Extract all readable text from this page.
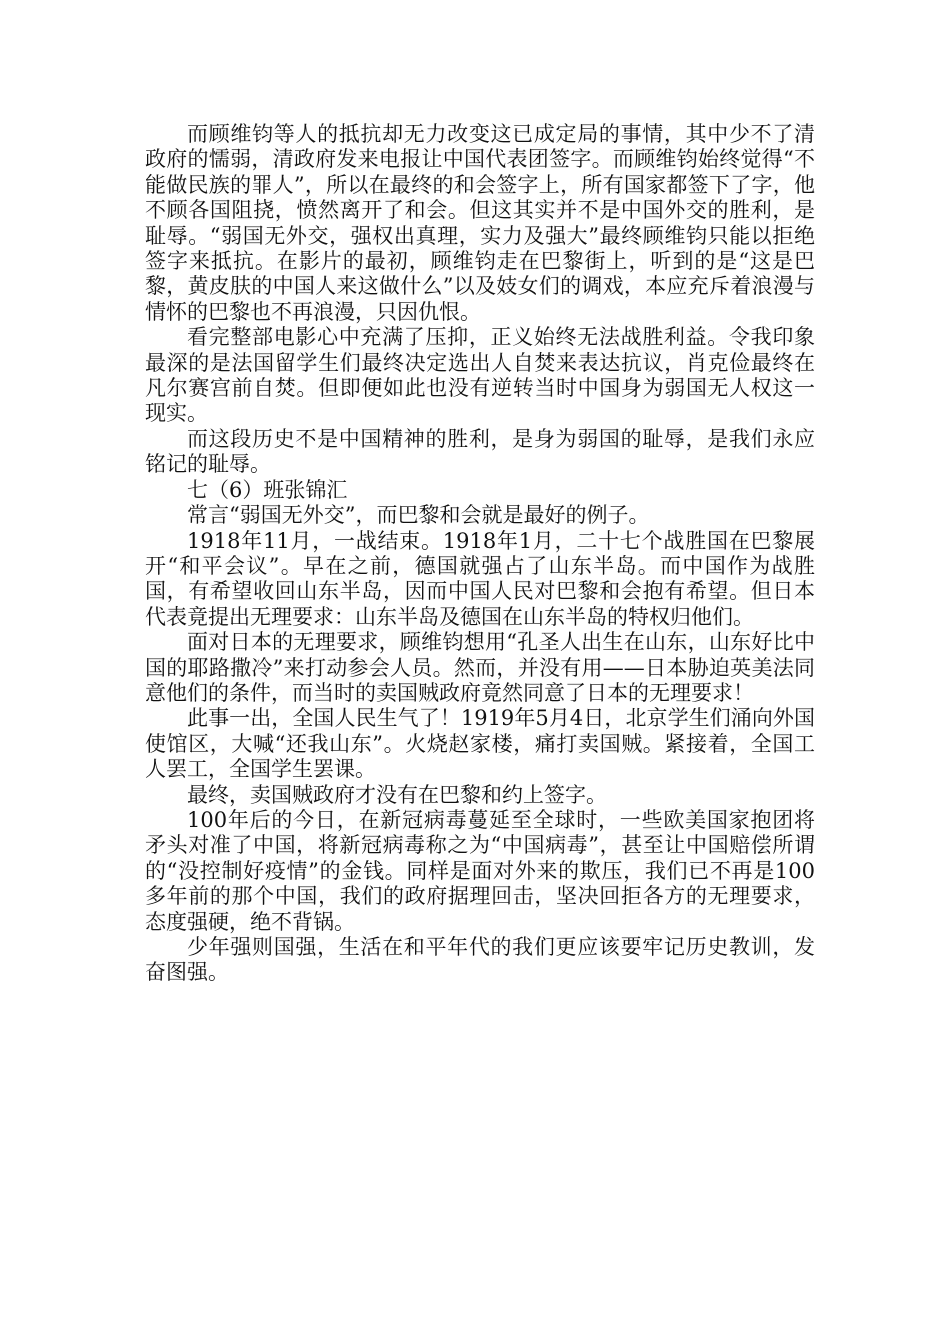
而顾维钧等人的抵抗却无力改变这已成定局的事情，其中少不了清政府的懦弱，清政府发来电报让中国代表团签字。而顾维钧始终觉得“不能做民族的罪人”，所以在最终的和会签字上，所有国家都签下了字，他不顾各国阻挠，愤然离开了和会。但这其实并不是中国外交的胜利，是耻辱。“弱国无外交，强权出真理，实力及强大”最终顾维钧只能以拒绝签字来抵抗。在影片的最初，顾维钧走在巴黎街上，听到的是“这是巴黎，黄皮肤的中国人来这做什么”以及妓女们的调戏，本应充斥着浪漫与情怀的巴黎也不再浪漫，只因仇恨。

看完整部电影心中充满了压抑，正义始终无法战胜利益。令我印象最深的是法国留学生们最终决定选出人自焚来表达抗议，肖克俭最终在凡尔赛宫前自焚。但即便如此也没有逆转当时中国身为弱国无人权这一现实。

而这段历史不是中国精神的胜利，是身为弱国的耻辱，是我们永应铭记的耻辱。

七（6）班张锦汇

常言“弱国无外交”，而巴黎和会就是最好的例子。

1918年11月，一战结束。1918年1月，二十七个战胜国在巴黎展开“和平会议”。早在之前，德国就强占了山东半岛。而中国作为战胜国，有希望收回山东半岛，因而中国人民对巴黎和会抱有希望。但日本代表竟提出无理要求：山东半岛及德国在山东半岛的特权归他们。

面对日本的无理要求，顾维钧想用“孔圣人出生在山东，山东好比中国的耶路撒冷”来打动参会人员。然而，并没有用——日本胁迫英美法同意他们的条件，而当时的卖国贼政府竟然同意了日本的无理要求！

此事一出，全国人民生气了！1919年5月4日，北京学生们涌向外国使馆区，大喊“还我山东”。火烧赵家楼，痛打卖国贼。紧接着，全国工人罢工，全国学生罢课。

最终，卖国贼政府才没有在巴黎和约上签字。

100年后的今日，在新冠病毒蔓延至全球时，一些欧美国家抱团将矛头对准了中国，将新冠病毒称之为“中国病毒”，甚至让中国赔偿所谓的“没控制好疫情”的金钱。同样是面对外来的欺压，我们已不再是100多年前的那个中国，我们的政府据理回击，坚决回拒各方的无理要求，态度强硬，绝不背锅。

少年强则国强，生活在和平年代的我们更应该要牢记历史教训，发奋图强。
